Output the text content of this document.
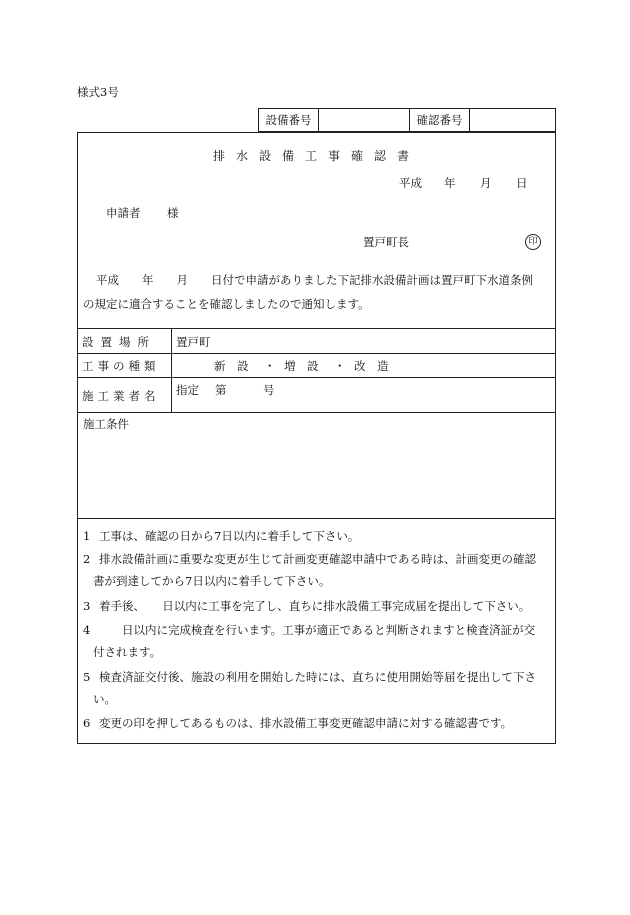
様式3号
設備番号	確認番号
排水設備工事確認書
平成 年 月 日
申請者 様
置戸町長	印
平成　　年　　月　　日付で申請がありました下記排水設備計画は置戸町下水道条例
の規定に適合することを確認しましたので通知します。
設置場所	置戸町
工事の種類	新　設 ・ 増　設 ・ 改　造
施工業者名	指定 第	号
施工条件
1 工事は、確認の日から7日以内に着手して下さい。
2 排水設備計画に重要な変更が生じて計画変更確認申請中である時は、計画変更の確認
書が到達してから7日以内に着手して下さい。
3 着手後、　　日以内に工事を完了し、直ちに排水設備工事完成届を提出して下さい。
4　　日以内に完成検査を行います。工事が適正であると判断されますと検査済証が交
付されます。
5 検査済証交付後、施設の利用を開始した時には、直ちに使用開始等届を提出して下さ
い。
6 変更の印を押してあるものは、排水設備工事変更確認申請に対する確認書です。
